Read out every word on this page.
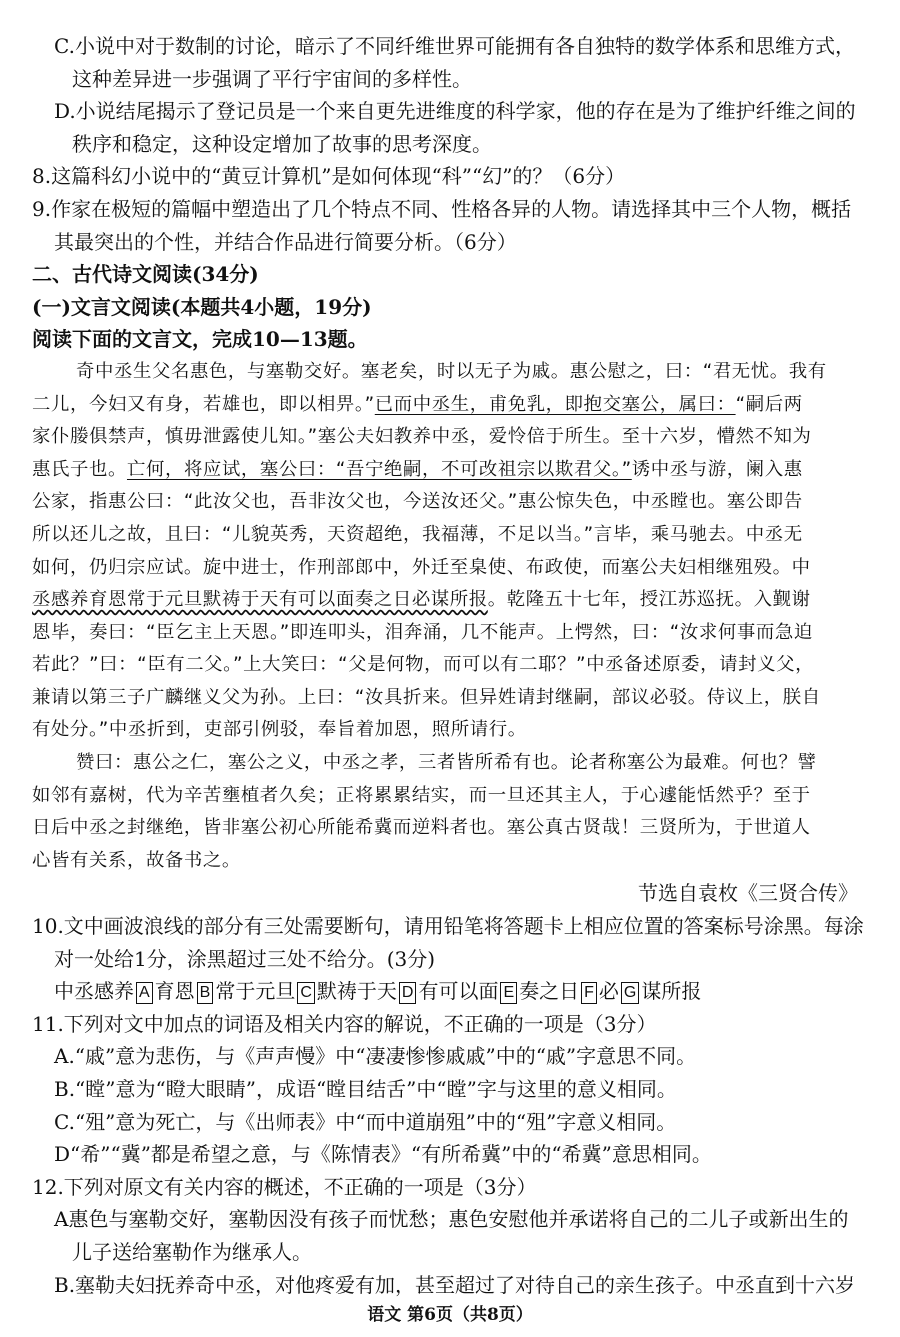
C.小说中对于数制的讨论，暗示了不同纤维世界可能拥有各自独特的数学体系和思维方式，
这种差异进一步强调了平行宇宙间的多样性。
D.小说结尾揭示了登记员是一个来自更先进维度的科学家，他的存在是为了维护纤维之间的
秩序和稳定，这种设定增加了故事的思考深度。
8.这篇科幻小说中的“黄豆计算机”是如何体现“科”“幻”的？（6分）
9.作家在极短的篇幅中塑造出了几个特点不同、性格各异的人物。请选择其中三个人物，概括
其最突出的个性，并结合作品进行简要分析。（6分）
二、古代诗文阅读(34分)
(一)文言文阅读(本题共4小题，19分)
阅读下面的文言文，完成10—13题。
奇中丞生父名惠色，与塞勒交好。塞老矣，时以无子为戚。惠公慰之，曰：“君无忧。我有
二儿，今妇又有身，若雄也，即以相畀。”已而中丞生，甫免乳，即抱交塞公，属曰：“嗣后两
家仆媵俱禁声，慎毋泄露使儿知。”塞公夫妇教养中丞，爱怜倍于所生。至十六岁，懵然不知为
惠氏子也。亡何，将应试，塞公曰：“吾宁绝嗣，不可改祖宗以欺君父。”诱中丞与游，阑入惠
公家，指惠公曰：“此汝父也，吾非汝父也，今送汝还父。”惠公惊失色，中丞瞠也。塞公即告
所以还儿之故，且曰：“儿貌英秀，天资超绝，我福薄，不足以当。”言毕，乘马驰去。中丞无
如何，仍归宗应试。旋中进士，作刑部郎中，外迁至臬使、布政使，而塞公夫妇相继殂殁。中
丞感养育恩常于元旦默祷于天有可以面奏之日必谋所报。乾隆五十七年，授江苏巡抚。入觐谢
恩毕，奏曰：“臣乞主上天恩。”即连叩头，泪奔涌，几不能声。上愕然，曰：“汝求何事而急迫
若此？”曰：“臣有二父。”上大笑曰：“父是何物，而可以有二耶？”中丞备述原委，请封义父，
兼请以第三子广麟继义父为孙。上曰：“汝具折来。但异姓请封继嗣，部议必驳。侍议上，朕自
有处分。”中丞折到，吏部引例驳，奉旨着加恩，照所请行。
赞曰：惠公之仁，塞公之义，中丞之孝，三者皆所希有也。论者称塞公为最难。何也？譬
如邻有嘉树，代为辛苦壅植者久矣；正将累累结实，而一旦还其主人，于心遽能恬然乎？至于
日后中丞之封继绝，皆非塞公初心所能希冀而逆料者也。塞公真古贤哉！三贤所为，于世道人
心皆有关系，故备书之。
节选自袁枚《三贤合传》
10.文中画波浪线的部分有三处需要断句，请用铅笔将答题卡上相应位置的答案标号涂黑。每涂
对一处给1分，涂黑超过三处不给分。(3分)
中丞感养 A 育恩 B 常于元旦 C 默祷于天 D 有可以面 E 奏之日 F 必 G 谋所报
11.下列对文中加点的词语及相关内容的解说，不正确的一项是（3分）
A.“戚”意为悲伤，与《声声慢》中“凄凄惨惨戚戚”中的“戚”字意思不同。
B.“瞠”意为“瞪大眼睛”，成语“瞠目结舌”中“瞠”字与这里的意义相同。
C.“殂”意为死亡，与《出师表》中“而中道崩殂”中的“殂”字意义相同。
D“希”“冀”都是希望之意，与《陈情表》“有所希冀”中的“希冀”意思相同。
12.下列对原文有关内容的概述，不正确的一项是（3分）
A惠色与塞勒交好，塞勒因没有孩子而忧愁；惠色安慰他并承诺将自己的二儿子或新出生的
儿子送给塞勒作为继承人。
B.塞勒夫妇抚养奇中丞，对他疼爱有加，甚至超过了对待自己的亲生孩子。中丞直到十六岁
语文 第6页（共8页）
